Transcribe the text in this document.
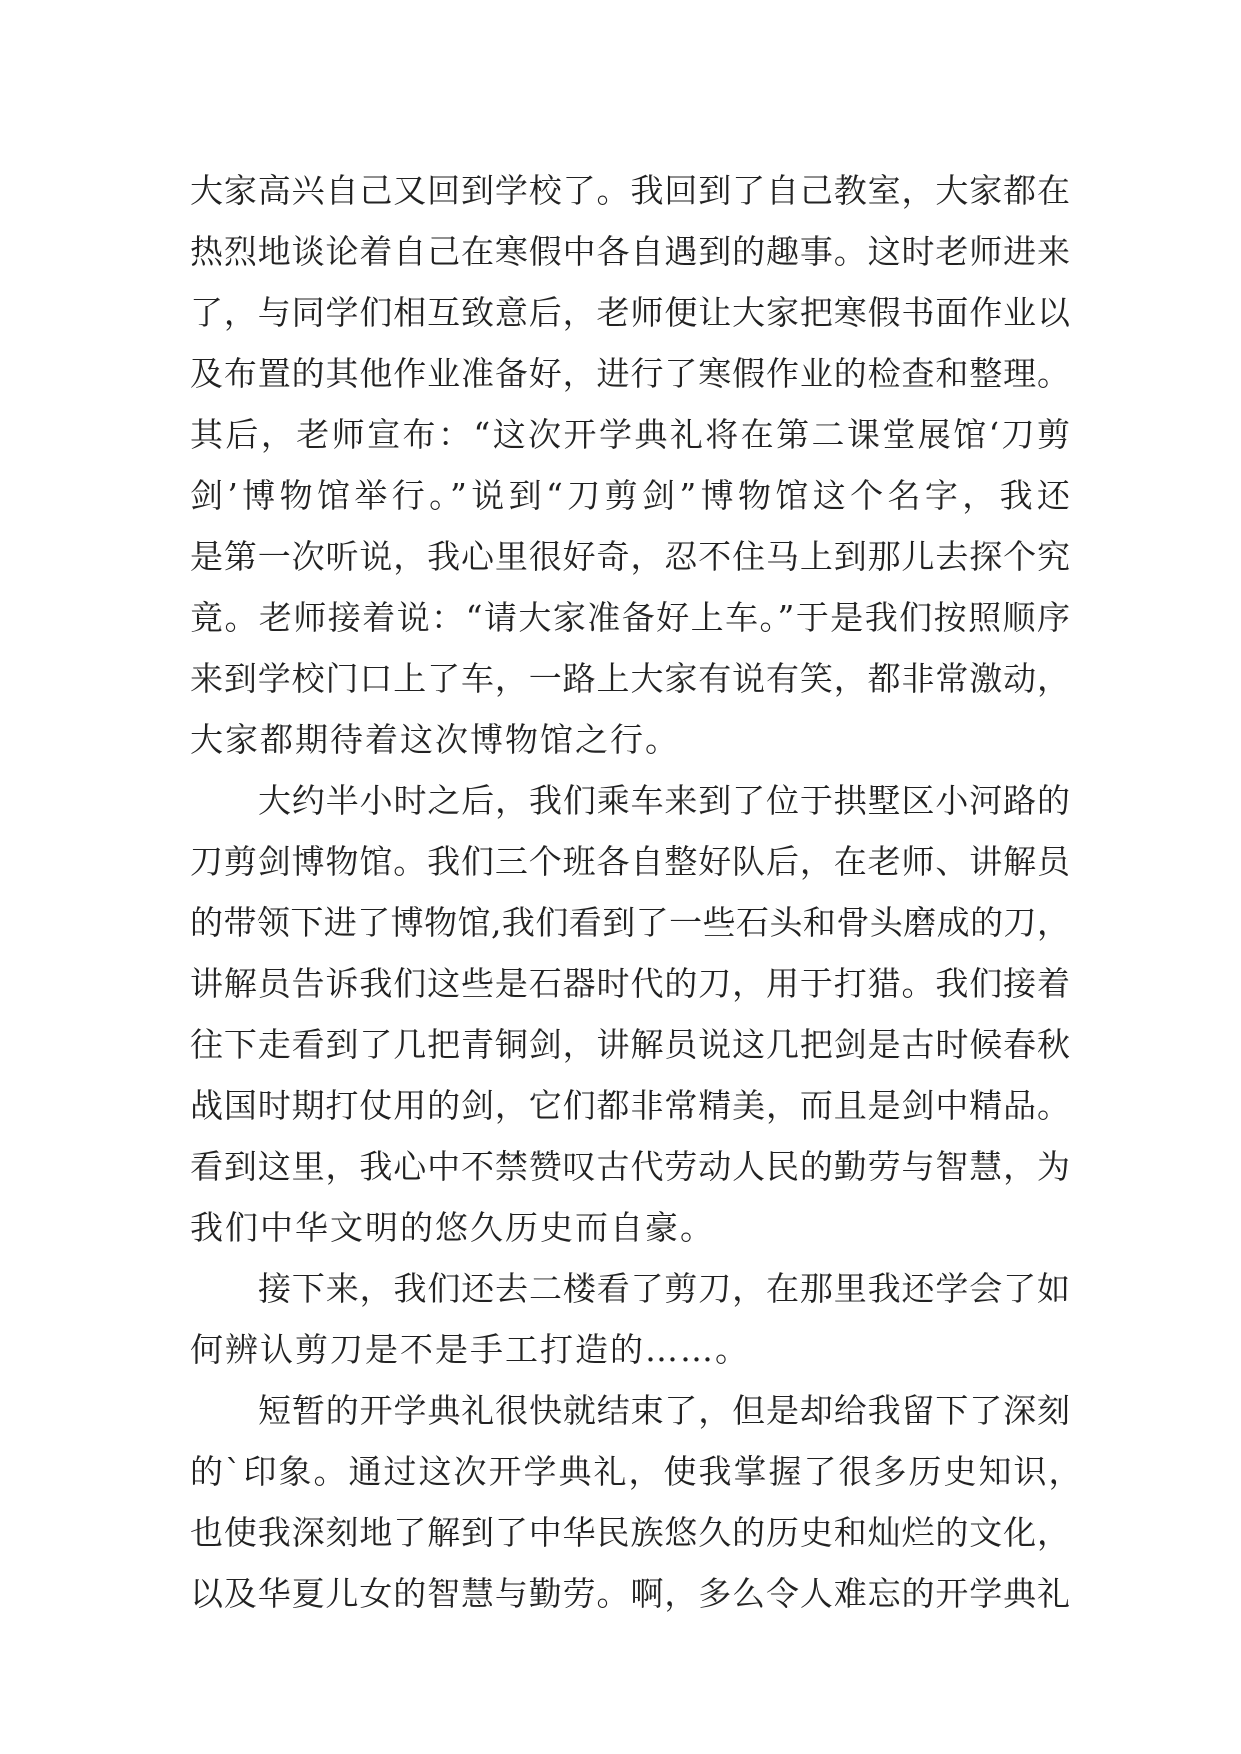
大家高兴自己又回到学校了。我回到了自己教室，大家都在
热烈地谈论着自己在寒假中各自遇到的趣事。这时老师进来
了，与同学们相互致意后，老师便让大家把寒假书面作业以
及布置的其他作业准备好，进行了寒假作业的检查和整理。
其后，老师宣布：“这次开学典礼将在第二课堂展馆‘刀剪
剑’博物馆举行。”说到“刀剪剑”博物馆这个名字，我还
是第一次听说，我心里很好奇，忍不住马上到那儿去探个究
竟。老师接着说：“请大家准备好上车。”于是我们按照顺序
来到学校门口上了车，一路上大家有说有笑，都非常激动，
大家都期待着这次博物馆之行。
大约半小时之后，我们乘车来到了位于拱墅区小河路的
刀剪剑博物馆。我们三个班各自整好队后，在老师、讲解员
的带领下进了博物馆,我们看到了一些石头和骨头磨成的刀，
讲解员告诉我们这些是石器时代的刀，用于打猎。我们接着
往下走看到了几把青铜剑，讲解员说这几把剑是古时候春秋
战国时期打仗用的剑，它们都非常精美，而且是剑中精品。
看到这里，我心中不禁赞叹古代劳动人民的勤劳与智慧，为
我们中华文明的悠久历史而自豪。
接下来，我们还去二楼看了剪刀，在那里我还学会了如
何辨认剪刀是不是手工打造的……。
短暂的开学典礼很快就结束了，但是却给我留下了深刻
的`印象。通过这次开学典礼，使我掌握了很多历史知识，
也使我深刻地了解到了中华民族悠久的历史和灿烂的文化，
以及华夏儿女的智慧与勤劳。啊，多么令人难忘的开学典礼
